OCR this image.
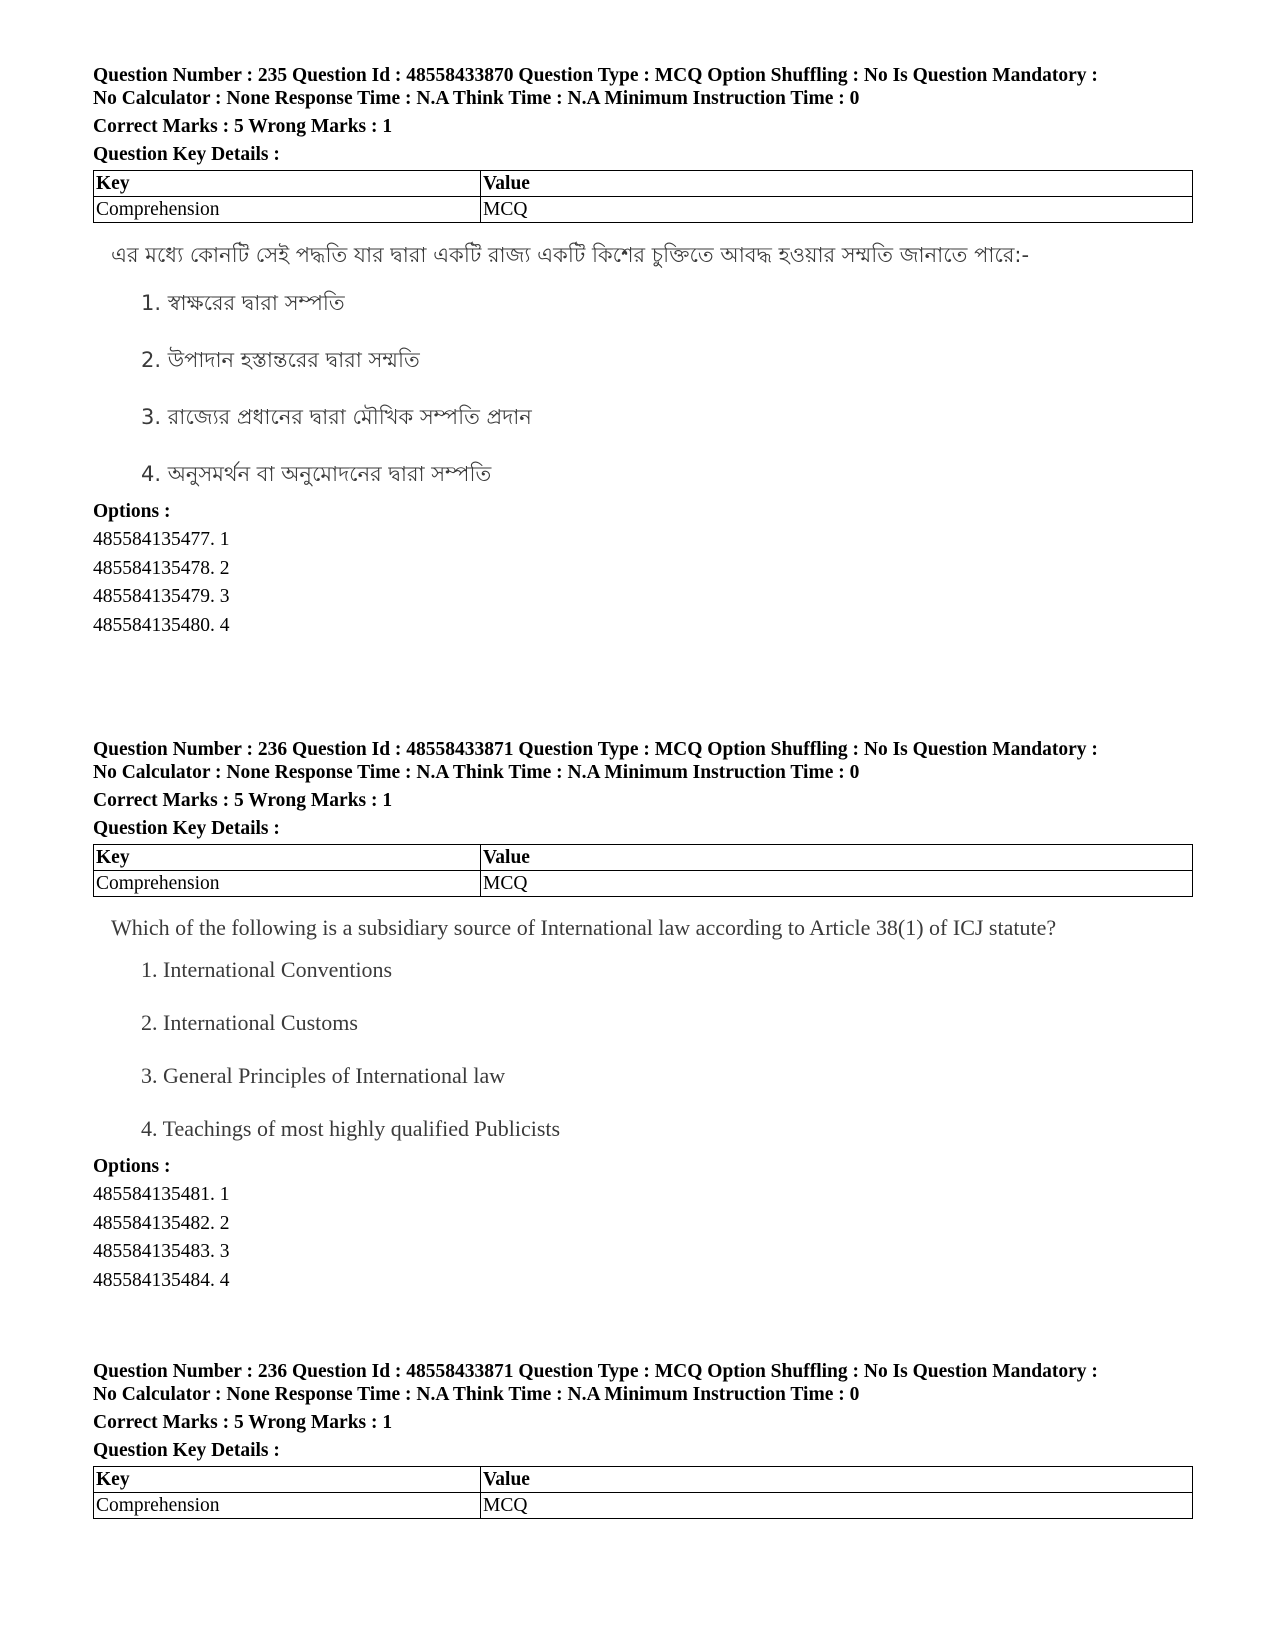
Question Number : 235 Question Id : 48558433870 Question Type : MCQ Option Shuffling : No Is Question Mandatory :
No Calculator : None Response Time : N.A Think Time : N.A Minimum Instruction Time : 0
Correct Marks : 5 Wrong Marks : 1
Question Key Details :
Key	Value
Comprehension	MCQ
এর মধ্যে কোনটি সেই পদ্ধতি যার দ্বারা একটি রাজ্য একটি কিশের চুক্তিতে আবদ্ধ হওয়ার সম্মতি জানাতে পারে:-
1. স্বাক্ষরের দ্বারা সম্পতি
2. উপাদান হস্তান্তরের দ্বারা সম্মতি
3. রাজ্যের প্রধানের দ্বারা মৌখিক সম্পতি প্রদান
4. অনুসমর্থন বা অনুমোদনের দ্বারা সম্পতি
Options :
485584135477. 1
485584135478. 2
485584135479. 3
485584135480. 4
Question Number : 236 Question Id : 48558433871 Question Type : MCQ Option Shuffling : No Is Question Mandatory :
No Calculator : None Response Time : N.A Think Time : N.A Minimum Instruction Time : 0
Correct Marks : 5 Wrong Marks : 1
Question Key Details :
Key	Value
Comprehension	MCQ
Which of the following is a subsidiary source of International law according to Article 38(1) of ICJ statute?
1. International Conventions
2. International Customs
3. General Principles of International law
4. Teachings of most highly qualified Publicists
Options :
485584135481. 1
485584135482. 2
485584135483. 3
485584135484. 4
Question Number : 236 Question Id : 48558433871 Question Type : MCQ Option Shuffling : No Is Question Mandatory :
No Calculator : None Response Time : N.A Think Time : N.A Minimum Instruction Time : 0
Correct Marks : 5 Wrong Marks : 1
Question Key Details :
Key	Value
Comprehension	MCQ
